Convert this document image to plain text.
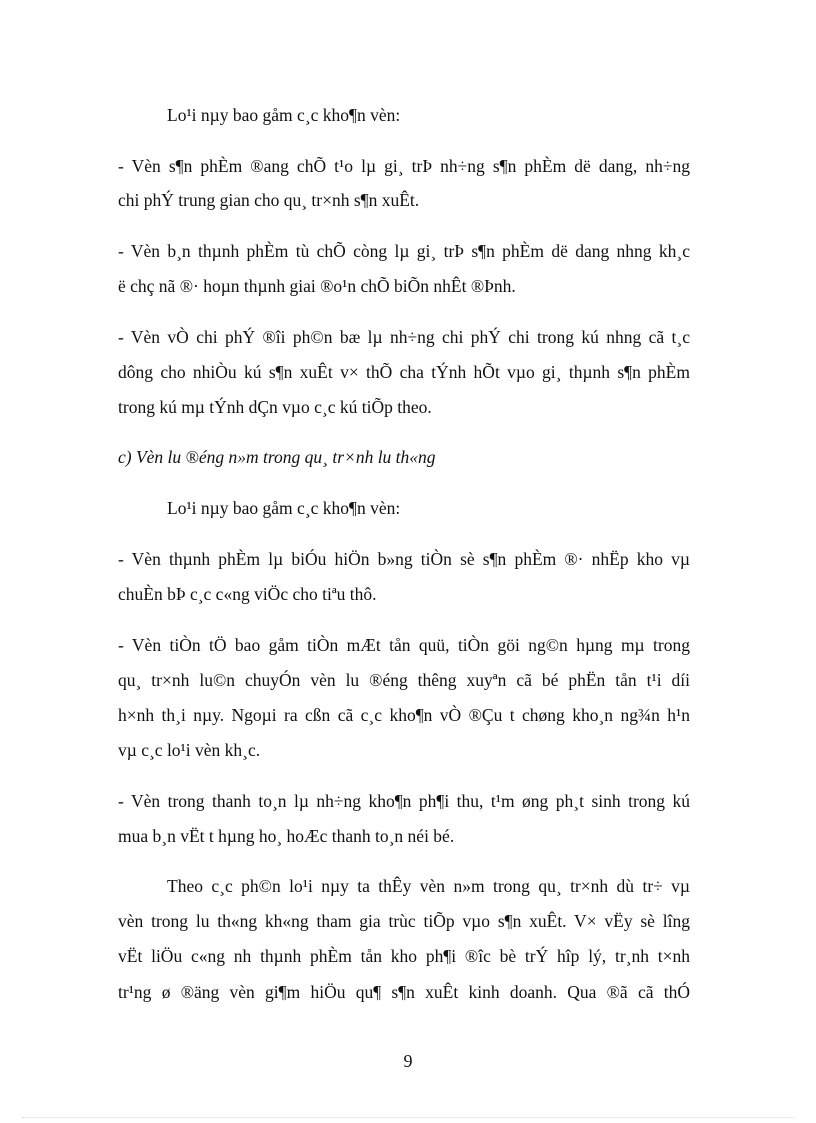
Lo¹i nµy bao gåm c¸c kho¶n vèn:
- Vèn s¶n phÈm ®ang chÕ t¹o lµ gi¸ trÞ nh÷ng s¶n phÈm dë dang, nh÷ng
chi phÝ trung gian cho qu¸ tr×nh s¶n xuÊt.
- Vèn b¸n thµnh phÈm tù chÕ còng lµ gi¸ trÞ s¶n phÈm dë dang nhng kh¸c
ë chç nã ®· hoµn thµnh giai ®o¹n chÕ biÕn nhÊt ®Þnh.
- Vèn vÒ chi phÝ ®îi ph©n bæ lµ nh÷ng chi phÝ chi trong kú nhng cã t¸c
dông cho nhiÒu kú s¶n xuÊt v× thÕ cha tÝnh hÕt vµo gi¸ thµnh s¶n phÈm
trong kú mµ tÝnh dÇn vµo c¸c kú tiÕp theo.
c) Vèn lu ®éng n»m trong qu¸ tr×nh lu th«ng
Lo¹i nµy bao gåm c¸c kho¶n vèn:
- Vèn thµnh phÈm lµ biÓu hiÖn b»ng tiÒn sè s¶n phÈm ®· nhËp kho vµ
chuÈn bÞ c¸c c«ng viÖc cho tiªu thô.
- Vèn tiÒn tÖ bao gåm tiÒn mÆt tån quü, tiÒn göi ng©n hµng mµ trong
qu¸ tr×nh lu©n chuyÓn vèn lu ®éng thêng xuyªn cã bé phËn tån t¹i díi
h×nh th¸i nµy. Ngoµi ra cßn cã c¸c kho¶n vÒ ®Çu t chøng kho¸n ng¾n h¹n
vµ c¸c lo¹i vèn kh¸c.
- Vèn trong thanh to¸n lµ nh÷ng kho¶n ph¶i thu, t¹m øng ph¸t sinh trong kú
mua b¸n vËt t hµng ho¸ hoÆc thanh to¸n néi bé.
Theo c¸c ph©n lo¹i nµy ta thÊy vèn n»m trong qu¸ tr×nh dù tr÷ vµ
vèn trong lu th«ng kh«ng tham gia trùc tiÕp vµo s¶n xuÊt. V× vËy sè lîng
vËt liÖu c«ng nh thµnh phÈm tån kho ph¶i ®îc bè trÝ hîp lý, tr¸nh t×nh
tr¹ng ø ®äng vèn gi¶m hiÖu qu¶ s¶n xuÊt kinh doanh. Qua ®ã cã thÓ
9
